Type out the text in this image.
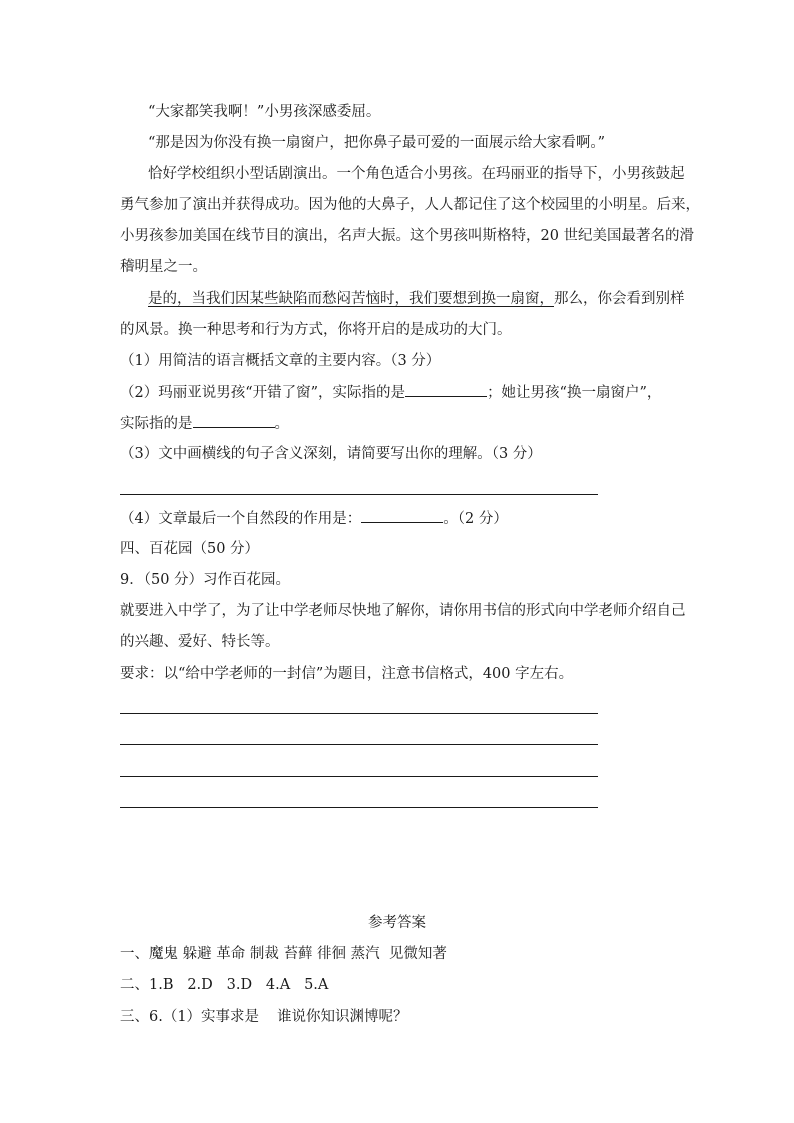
“大家都笑我啊！”小男孩深感委屈。
“那是因为你没有换一扇窗户，把你鼻子最可爱的一面展示给大家看啊。”
恰好学校组织小型话剧演出。一个角色适合小男孩。在玛丽亚的指导下，小男孩鼓起
勇气参加了演出并获得成功。因为他的大鼻子，人人都记住了这个校园里的小明星。后来，
小男孩参加美国在线节目的演出，名声大振。这个男孩叫斯格特，20 世纪美国最著名的滑
稽明星之一。
是的，当我们因某些缺陷而愁闷苦恼时，我们要想到换一扇窗，那么，你会看到别样
的风景。换一种思考和行为方式，你将开启的是成功的大门。
（1）用简洁的语言概括文章的主要内容。（3 分）
（2）玛丽亚说男孩“开错了窗”，实际指的是	；她让男孩“换一扇窗户”，
实际指的是	。
（3）文中画横线的句子含义深刻，请简要写出你的理解。（3 分）
（4）文章最后一个自然段的作用是：	。（2 分）
四、百花园（50 分）
9．（50 分）习作百花园。
就要进入中学了，为了让中学老师尽快地了解你，请你用书信的形式向中学老师介绍自己
的兴趣、爱好、特长等。
要求：以“给中学老师的一封信”为题目，注意书信格式，400 字左右。
参考答案
一、魔鬼 躲避 革命 制裁 苔藓 徘徊 蒸汽 见微知著
二、1.B 2.D 3.D 4.A 5.A
三、6.（1）实事求是 谁说你知识渊博呢？
